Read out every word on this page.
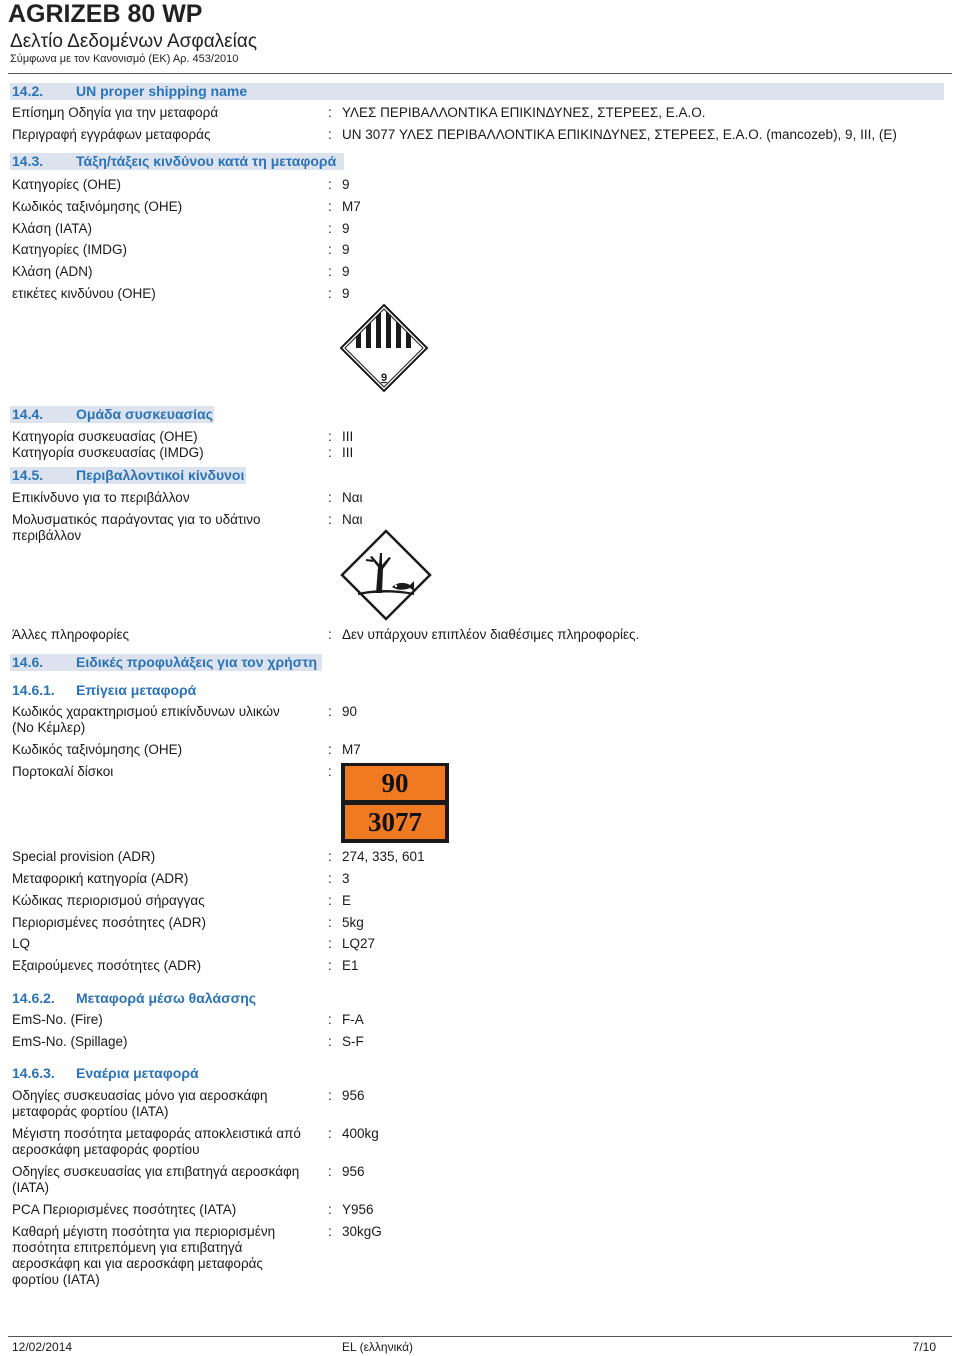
AGRIZEB 80 WP
Δελτίο Δεδομένων Ασφαλείας
Σύμφωνα με τον Κανονισμό (ΕΚ) Αρ. 453/2010
14.2. UN proper shipping name
Επίσημη Οδηγία για την μεταφορά	: ΥΛΕΣ ΠΕΡΙΒΑΛΛΟΝΤΙΚΑ ΕΠΙΚΙΝΔΥΝΕΣ, ΣΤΕΡΕΕΣ, Ε.Α.Ο.
Περιγραφή εγγράφων μεταφοράς	: UN 3077 ΥΛΕΣ ΠΕΡΙΒΑΛΛΟΝΤΙΚΑ ΕΠΙΚΙΝΔΥΝΕΣ, ΣΤΕΡΕΕΣ, Ε.Α.Ο. (mancozeb), 9, III, (E)
14.3. Τάξη/τάξεις κινδύνου κατά τη μεταφορά
Κατηγορίες (ΟΗΕ)	: 9
Κωδικός ταξινόμησης (ΟΗΕ)	: M7
Κλάση (IATA)	: 9
Κατηγορίες (IMDG)	: 9
Κλάση (ADN)	: 9
ετικέτες κινδύνου (ΟΗΕ)	: 9
9
14.4. Ομάδα συσκευασίας
Κατηγορία συσκευασίας (ΟΗΕ)	: III
Κατηγορία συσκευασίας (IMDG)	: III
14.5. Περιβαλλοντικοί κίνδυνοι
Επικίνδυνο για το περιβάλλον	: Ναι
Μολυσματικός παράγοντας για το υδάτινο
περιβάλλον
: Ναι
Άλλες πληροφορίες	: Δεν υπάρχουν επιπλέον διαθέσιμες πληροφορίες.
14.6. Ειδικές προφυλάξεις για τον χρήστη
14.6.1. Επίγεια μεταφορά
Κωδικός χαρακτηρισμού επικίνδυνων υλικών
(Νο Κέμλερ)
: 90
Κωδικός ταξινόμησης (ΟΗΕ)	: M7
Πορτοκαλί δίσκοι	:	90
3077
Special provision (ADR)	: 274, 335, 601
Μεταφορική κατηγορία (ADR)	: 3
Κώδικας περιορισμού σήραγγας	: E
Περιορισμένες ποσότητες (ADR)	: 5kg
LQ	: LQ27
Εξαιρούμενες ποσότητες (ADR)	: E1
14.6.2. Μεταφορά μέσω θαλάσσης
EmS-No. (Fire)	: F-A
EmS-No. (Spillage)	: S-F
14.6.3. Εναέρια μεταφορά
Οδηγίες συσκευασίας μόνο για αεροσκάφη
μεταφοράς φορτίου (IATA)
: 956
Μέγιστη ποσότητα μεταφοράς αποκλειστικά από
αεροσκάφη μεταφοράς φορτίου
: 400kg
Οδηγίες συσκευασίας για επιβατηγά αεροσκάφη
(IATA)
: 956
PCA Περιορισμένες ποσότητες (IATA)	: Y956
Καθαρή μέγιστη ποσότητα για περιορισμένη
ποσότητα επιτρεπόμενη για επιβατηγά
αεροσκάφη και για αεροσκάφη μεταφοράς
φορτίου (IATA)
: 30kgG
12/02/2014	EL (ελληνικά)	7/10
